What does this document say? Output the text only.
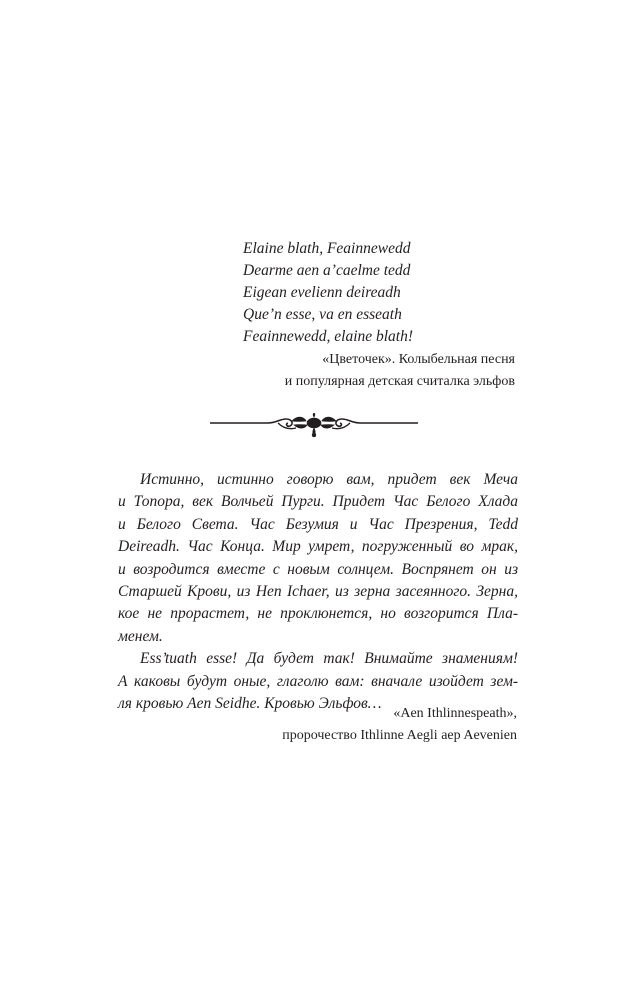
Elaine blath, Feainnewedd
Dearme aen a’caelme tedd
Eigean evelienn deireadh
Que’n esse, va en esseath
Feainnewedd, elaine blath!
«Цветочек». Колыбельная песня
и популярная детская считалка эльфов
Истинно, истинно говорю вам, придет век Меча
и Топора, век Волчьей Пурги. Придет Час Белого Хлада
и Белого Света. Час Безумия и Час Презрения, Tedd
Deireadh. Час Конца. Мир умрет, погруженный во мрак,
и возродится вместе с новым солнцем. Воспрянет он из
Старшей Крови, из Hen Ichaer, из зерна засеянного. Зерна,
кое не прорастет, не проклюнется, но возгорится Пла-
менем.
Ess’tuath esse! Да будет так! Внимайте знамениям!
А каковы будут оные, глаголю вам: вначале изойдет зем-
ля кровью Aen Seidhe. Кровью Эльфов…
«Aen Ithlinnespeath»,
пророчество Ithlinne Aegli aep Aevenien
